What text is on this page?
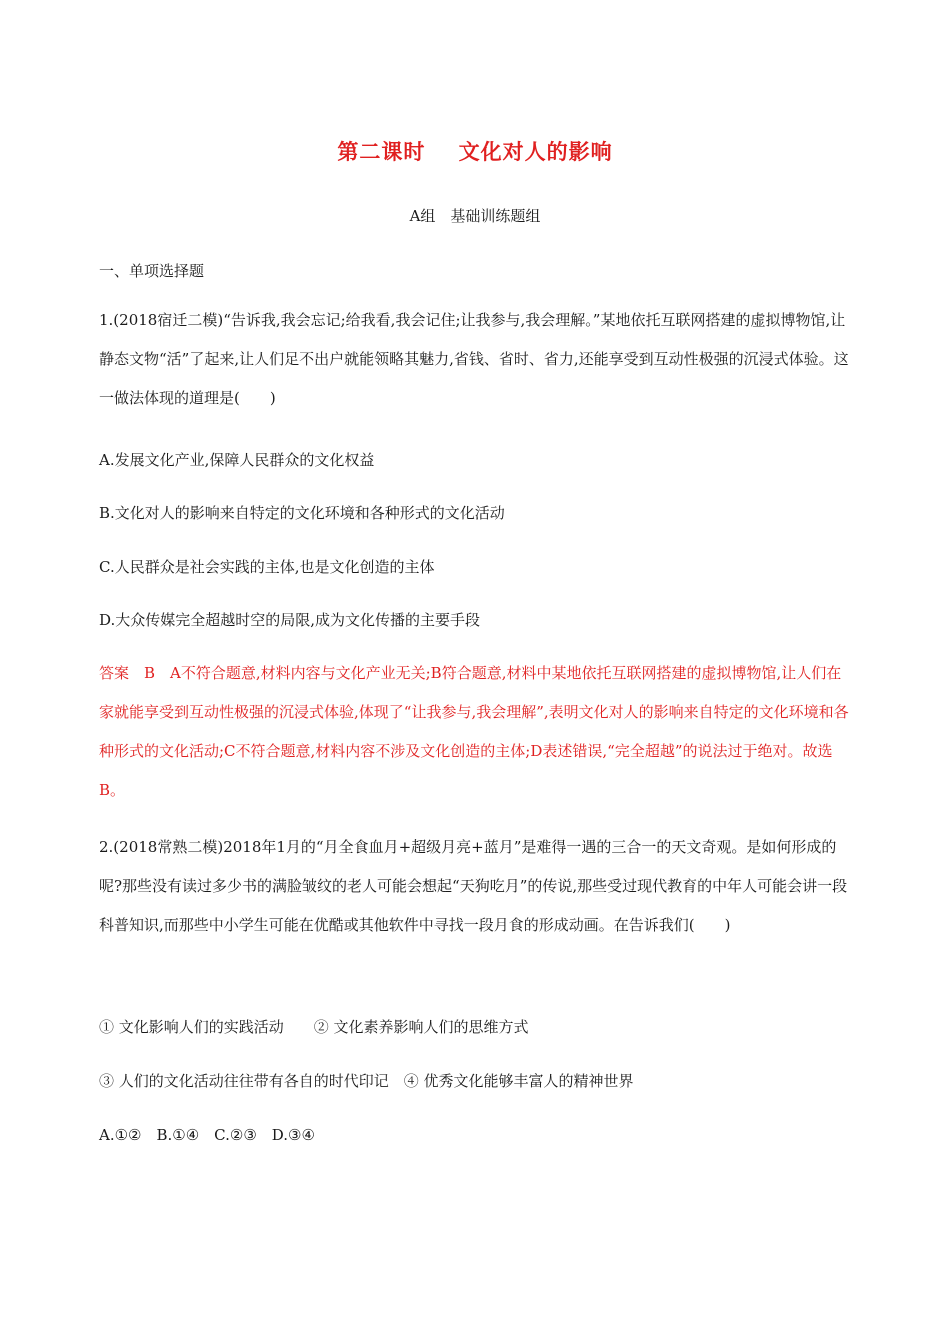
第二课时 文化对人的影响
A组　基础训练题组

一、单项选择题

1.(2018宿迁二模)“告诉我,我会忘记;给我看,我会记住;让我参与,我会理解。”某地依托互联网搭建的虚拟博物馆,让静态文物“活”了起来,让人们足不出户就能领略其魅力,省钱、省时、省力,还能享受到互动性极强的沉浸式体验。这一做法体现的道理是(　　)

A.发展文化产业,保障人民群众的文化权益

B.文化对人的影响来自特定的文化环境和各种形式的文化活动

C.人民群众是社会实践的主体,也是文化创造的主体

D.大众传媒完全超越时空的局限,成为文化传播的主要手段

答案　B　A不符合题意,材料内容与文化产业无关;B符合题意,材料中某地依托互联网搭建的虚拟博物馆,让人们在家就能享受到互动性极强的沉浸式体验,体现了“让我参与,我会理解”,表明文化对人的影响来自特定的文化环境和各种形式的文化活动;C不符合题意,材料内容不涉及文化创造的主体;D表述错误,“完全超越”的说法过于绝对。故选B。

2.(2018常熟二模)2018年1月的“月全食血月+超级月亮+蓝月”是难得一遇的三合一的天文奇观。是如何形成的呢?那些没有读过多少书的满脸皱纹的老人可能会想起“天狗吃月”的传说,那些受过现代教育的中年人可能会讲一段科普知识,而那些中小学生可能在优酷或其他软件中寻找一段月食的形成动画。在告诉我们(　　)

① 文化影响人们的实践活动　　② 文化素养影响人们的思维方式

③ 人们的文化活动往往带有各自的时代印记　④ 优秀文化能够丰富人的精神世界

A.①②　B.①④　C.②③　D.③④
